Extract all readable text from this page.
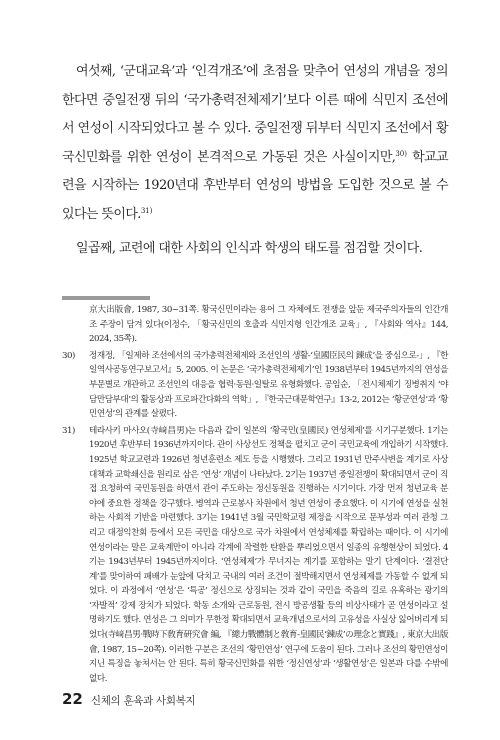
여섯째, ‘군대교육’과 ‘인격개조’에 초점을 맞추어 연성의 개념을 정의한다면 중일전쟁 뒤의 ‘국가총력전체제기’보다 이른 때에 식민지 조선에서 연성이 시작되었다고 볼 수 있다. 중일전쟁 뒤부터 식민지 조선에서 황국신민화를 위한 연성이 본격적으로 가동된 것은 사실이지만,$^{30)}$ 학교교련을 시작하는 1920년대 후반부터 연성의 방법을 도입한 것으로 볼 수 있다는 뜻이다.$^{31)}$

일곱째, 교련에 대한 사회의 인식과 학생의 태도를 점검할 것이다.

京大出版會, 1987, 30~31쪽. 황국신민이라는 용어 그 자체에도 전쟁을 앞둔 제국주의자들의 인간개조 주장이 담겨 있다(이정수, 「황국신민의 호출과 식민지형 인간개조 교육」, 『사회와 역사』144, 2024, 35쪽).
30)	정재정, 「일제하 조선에서의 국가총력전체제와 조선인의 생활-‘皇國臣民의 鍊成’을 중심으로-」, 『한일역사공동연구보고서』5, 2005. 이 논문은 ‘국가총력전체제기’인 1938년부터 1945년까지의 연성을 부문별로 개관하고 조선인의 대응을 협력·동원·일탈로 유형화했다. 공임순, 「전시체제기 징병취지 ‘야담만담부대’의 활동상과 프로파간다화의 역학」, 『한국근대문학연구』13-2, 2012는 ‘황군연성’과 ‘황민연성’의 관계를 살폈다.
31)	테라사키 마사오(寺﨑昌男)는 다음과 같이 일본의 ‘황국민(皇國民) 연성체제’를 시기구분했다. 1기는 1920년 후반부터 1936년까지이다. 관이 사상선도 정책을 펼치고 군이 국민교육에 개입하기 시작했다. 1925년 학교교련과 1926년 청년훈련소 제도 등을 시행했다. 그리고 1931년 만주사변을 계기로 사상대책과 교학쇄신을 원리로 삼은 ‘연성’ 개념이 나타났다. 2기는 1937년 중일전쟁이 확대되면서 군이 직접 요청하여 국민동원을 하면서 관이 주도하는 정신동원을 진행하는 시기이다. 가장 먼저 청년교육 분야에 중요한 정책을 강구했다. 병역과 근로봉사 차원에서 청년 연성이 중요했다. 이 시기에 연성을 실천하는 사회적 기반을 마련했다. 3기는 1941년 3월 국민학교령 제정을 시작으로 문부성과 여러 관청 그리고 대정익찬회 등에서 모든 국민을 대상으로 국가 차원에서 연성체제를 확립하는 때이다. 이 시기에 연성이라는 말은 교육계만이 아니라 각계에 작렬한 탄환을 뿌리었으면서 일종의 유행현상이 되었다. 4기는 1943년부터 1945년까지이다. ‘연성체제’가 무너지는 계기를 포함하는 말기 단계이다. ‘결전단계’를 맞이하여 패배가 눈앞에 닥치고 국내의 여러 조건이 절박해지면서 연성체제를 가동할 수 없게 되었다. 이 과정에서 ‘연성’은 ‘특공’ 정신으로 상징되는 것과 같이 국민을 죽음의 길로 유혹하는 광기의 ‘자발적’ 강제 장치가 되었다. 학동 소개와 근로동원, 전시 방공생활 등의 비상사태가 곧 연성이라고 설명하기도 했다. 연성은 그 의미가 무한정 확대되면서 교육개념으로서의 고유성을 사실상 잃어버리게 되었다(寺﨑昌男·戰時下敎育硏究會 編, 『總力戰體制と敎育-皇國民‘鍊成’の理念と實踐』, 東京大出版會, 1987, 15~20쪽). 이러한 구분은 조선의 ‘황민연성’ 연구에 도움이 된다. 그러나 조선의 황민연성이 지닌 특징을 놓쳐서는 안 된다. 특히 황국신민화를 위한 ‘정신연성’과 ‘생활연성’은 일본과 다를 수밖에 없다.
22 신체의 훈육과 사회복지
